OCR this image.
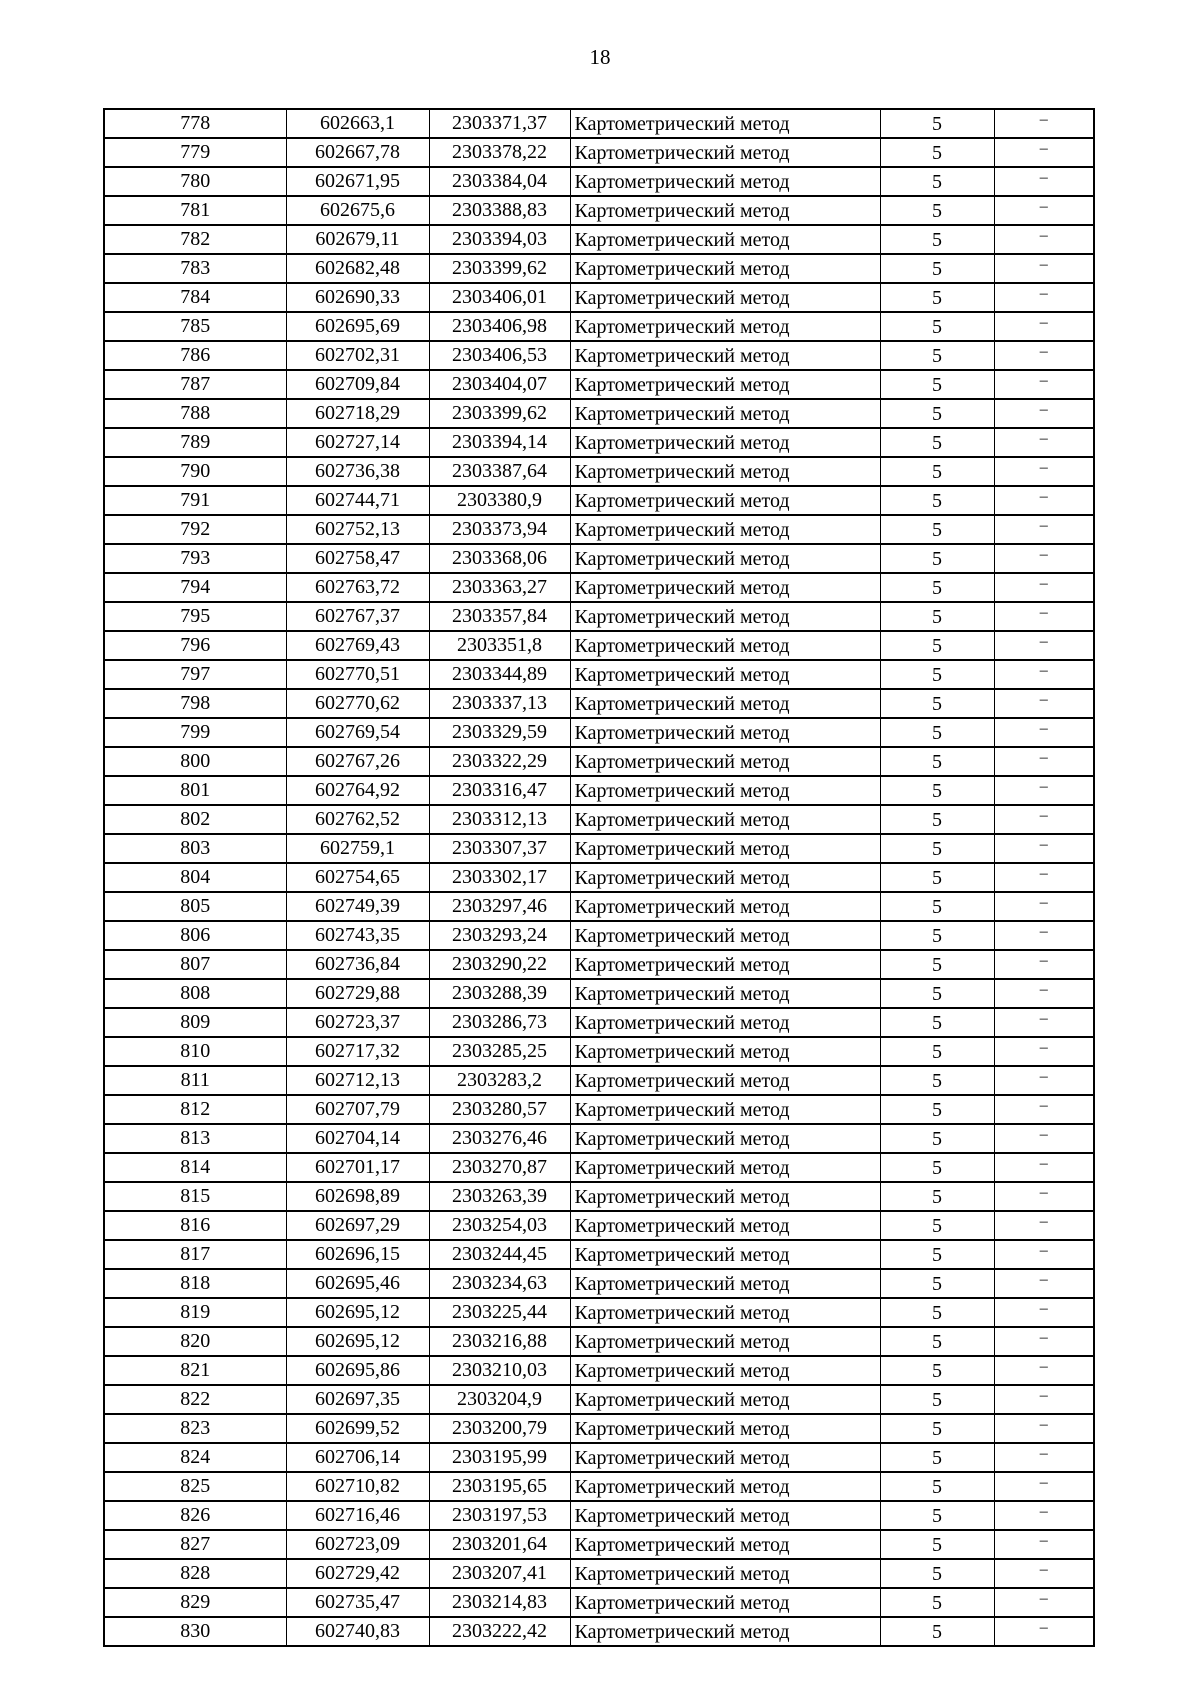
18
778	602663,1	2303371,37	Картометрический метод	5	–
779	602667,78	2303378,22	Картометрический метод	5	–
780	602671,95	2303384,04	Картометрический метод	5	–
781	602675,6	2303388,83	Картометрический метод	5	–
782	602679,11	2303394,03	Картометрический метод	5	–
783	602682,48	2303399,62	Картометрический метод	5	–
784	602690,33	2303406,01	Картометрический метод	5	–
785	602695,69	2303406,98	Картометрический метод	5	–
786	602702,31	2303406,53	Картометрический метод	5	–
787	602709,84	2303404,07	Картометрический метод	5	–
788	602718,29	2303399,62	Картометрический метод	5	–
789	602727,14	2303394,14	Картометрический метод	5	–
790	602736,38	2303387,64	Картометрический метод	5	–
791	602744,71	2303380,9	Картометрический метод	5	–
792	602752,13	2303373,94	Картометрический метод	5	–
793	602758,47	2303368,06	Картометрический метод	5	–
794	602763,72	2303363,27	Картометрический метод	5	–
795	602767,37	2303357,84	Картометрический метод	5	–
796	602769,43	2303351,8	Картометрический метод	5	–
797	602770,51	2303344,89	Картометрический метод	5	–
798	602770,62	2303337,13	Картометрический метод	5	–
799	602769,54	2303329,59	Картометрический метод	5	–
800	602767,26	2303322,29	Картометрический метод	5	–
801	602764,92	2303316,47	Картометрический метод	5	–
802	602762,52	2303312,13	Картометрический метод	5	–
803	602759,1	2303307,37	Картометрический метод	5	–
804	602754,65	2303302,17	Картометрический метод	5	–
805	602749,39	2303297,46	Картометрический метод	5	–
806	602743,35	2303293,24	Картометрический метод	5	–
807	602736,84	2303290,22	Картометрический метод	5	–
808	602729,88	2303288,39	Картометрический метод	5	–
809	602723,37	2303286,73	Картометрический метод	5	–
810	602717,32	2303285,25	Картометрический метод	5	–
811	602712,13	2303283,2	Картометрический метод	5	–
812	602707,79	2303280,57	Картометрический метод	5	–
813	602704,14	2303276,46	Картометрический метод	5	–
814	602701,17	2303270,87	Картометрический метод	5	–
815	602698,89	2303263,39	Картометрический метод	5	–
816	602697,29	2303254,03	Картометрический метод	5	–
817	602696,15	2303244,45	Картометрический метод	5	–
818	602695,46	2303234,63	Картометрический метод	5	–
819	602695,12	2303225,44	Картометрический метод	5	–
820	602695,12	2303216,88	Картометрический метод	5	–
821	602695,86	2303210,03	Картометрический метод	5	–
822	602697,35	2303204,9	Картометрический метод	5	–
823	602699,52	2303200,79	Картометрический метод	5	–
824	602706,14	2303195,99	Картометрический метод	5	–
825	602710,82	2303195,65	Картометрический метод	5	–
826	602716,46	2303197,53	Картометрический метод	5	–
827	602723,09	2303201,64	Картометрический метод	5	–
828	602729,42	2303207,41	Картометрический метод	5	–
829	602735,47	2303214,83	Картометрический метод	5	–
830	602740,83	2303222,42	Картометрический метод	5	–
